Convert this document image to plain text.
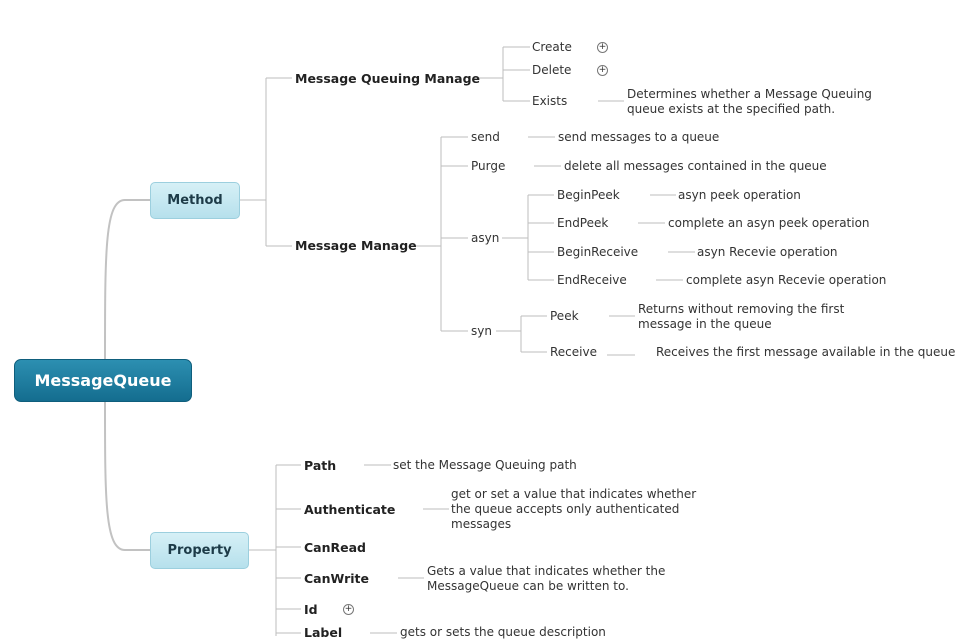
MessageQueue
Method
Property
Message Queuing Manage
Create	+
Delete	+
Exists	Determines whether a Message Queuing
queue exists at the specified path.
Message Manage
send	send messages to a queue
Purge	delete all messages contained in the queue
asyn
BeginPeek	asyn peek operation
EndPeek	complete an asyn peek operation
BeginReceive	asyn Recevie operation
EndReceive	complete asyn Recevie operation
syn
Peek	Returns without removing the first
message in the queue
Receive	Receives the first message available in the queue
Path	set the Message Queuing path
Authenticate
get or set a value that indicates whether
the queue accepts only authenticated
messages
CanRead
CanWrite	Gets a value that indicates whether the
MessageQueue can be written to.
Id	+
Label	gets or sets the queue description
